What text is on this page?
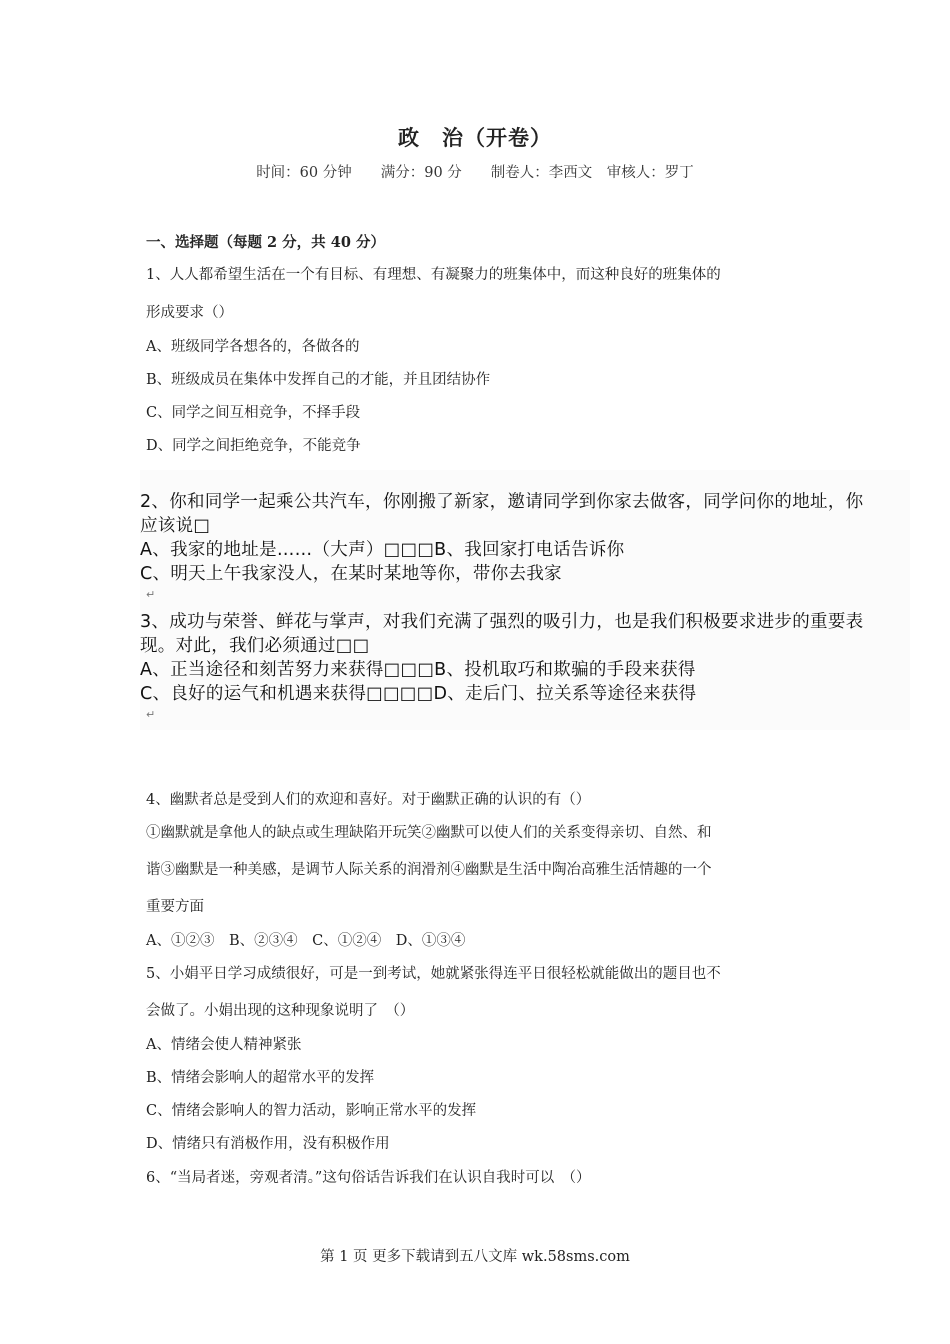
政　治（开卷）
时间：60 分钟　　满分：90 分　　制卷人：李西文　审核人：罗丁
一、选择题（每题 2 分，共 40 分）
1、人人都希望生活在一个有目标、有理想、有凝聚力的班集体中，而这种良好的班集体的
形成要求（）
A、班级同学各想各的，各做各的
B、班级成员在集体中发挥自己的才能，并且团结协作
C、同学之间互相竞争，不择手段
D、同学之间拒绝竞争，不能竞争
2、你和同学一起乘公共汽车，你刚搬了新家，邀请同学到你家去做客，同学问你的地址，你
应该说□
A、我家的地址是……（大声）□□□B、我回家打电话告诉你
C、明天上午我家没人，在某时某地等你，带你去我家
↵
3、成功与荣誉、鲜花与掌声，对我们充满了强烈的吸引力，也是我们积极要求进步的重要表
现。对此，我们必须通过□□
A、正当途径和刻苦努力来获得□□□B、投机取巧和欺骗的手段来获得
C、良好的运气和机遇来获得□□□□D、走后门、拉关系等途径来获得
↵
4、幽默者总是受到人们的欢迎和喜好。对于幽默正确的认识的有（）
①幽默就是拿他人的缺点或生理缺陷开玩笑②幽默可以使人们的关系变得亲切、自然、和
谐③幽默是一种美感，是调节人际关系的润滑剂④幽默是生活中陶冶高雅生活情趣的一个
重要方面
A、①②③　B、②③④　C、①②④　D、①③④
5、小娟平日学习成绩很好，可是一到考试，她就紧张得连平日很轻松就能做出的题目也不
会做了。小娟出现的这种现象说明了　（）
A、情绪会使人精神紧张
B、情绪会影响人的超常水平的发挥
C、情绪会影响人的智力活动，影响正常水平的发挥
D、情绪只有消极作用，没有积极作用
6、“当局者迷，旁观者清。”这句俗话告诉我们在认识自我时可以　（）
第 1 页 更多下载请到五八文库 wk.58sms.com
